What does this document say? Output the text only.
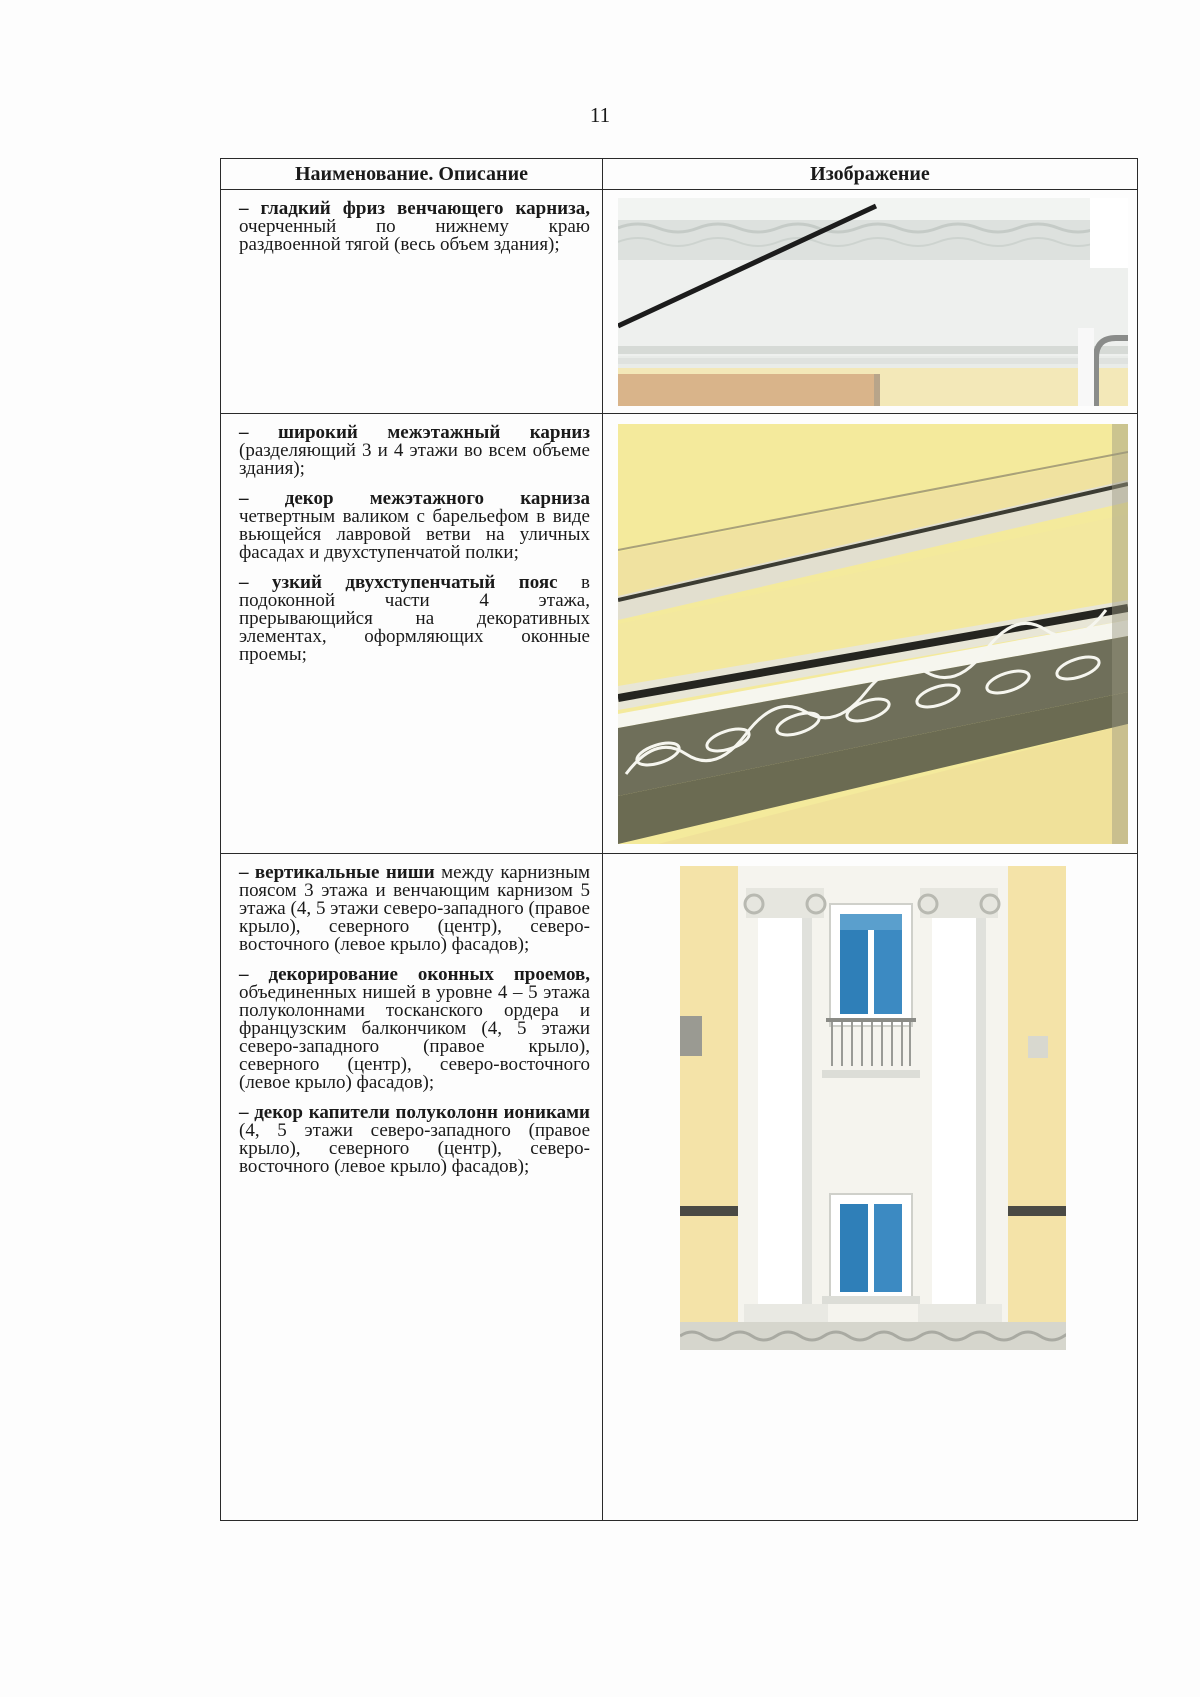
11
Наименование. Описание	Изображение

– гладкий фриз венчающего карниза, очерченный по нижнему краю раздвоенной тягой (весь объем здания);

– широкий межэтажный карниз (разделяющий 3 и 4 этажи во всем объеме здания);

– декор межэтажного карниза четвертным валиком с барельефом в виде вьющейся лавровой ветви на уличных фасадах и двухступенчатой полки;

– узкий двухступенчатый пояс в подоконной части 4 этажа, прерывающийся на декоративных элементах, оформляющих оконные проемы;

– вертикальные ниши между карнизным поясом 3 этажа и венчающим карнизом 5 этажа (4, 5 этажи северо-западного (правое крыло), северного (центр), северо-восточного (левое крыло) фасадов);

– декорирование оконных проемов, объединенных нишей в уровне 4 – 5 этажа полуколоннами тосканского ордера и французским балкончиком (4, 5 этажи северо-западного (правое крыло), северного (центр), северо-восточного (левое крыло) фасадов);

– декор капители полуколонн иониками (4, 5 этажи северо-западного (правое крыло), северного (центр), северо-восточного (левое крыло) фасадов);
